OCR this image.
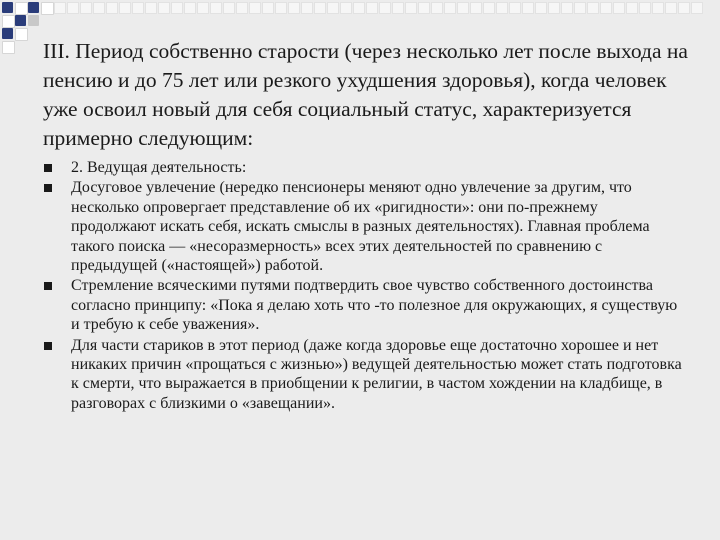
III. Период собственно старости (через несколько лет после выхода на пенсию и до 75 лет или резкого ухудшения здоровья), когда человек уже освоил новый для себя социальный статус, характеризуется примерно следующим:

2. Ведущая деятельность:
Досуговое увлечение (нередко пенсионеры меняют одно увлечение за другим, что несколько опровергает представление об их «ригидности»: они по-прежнему продолжают искать себя, искать смыслы в разных деятельностях). Главная проблема такого поиска — «несоразмерность» всех этих деятельностей по сравнению с предыдущей («настоящей») работой.
Стремление всяческими путями подтвердить свое чувство собственного достоинства согласно принципу: «Пока я делаю хоть что -то полезное для окружающих, я существую и требую к себе уважения».
Для части стариков в этот период (даже когда здоровье еще достаточно хорошее и нет никаких причин «прощаться с жизнью») ведущей деятельностью может стать подготовка к смерти, что выражается в приобщении к религии, в частом хождении на кладбище, в разговорах с близкими о «завещании».
